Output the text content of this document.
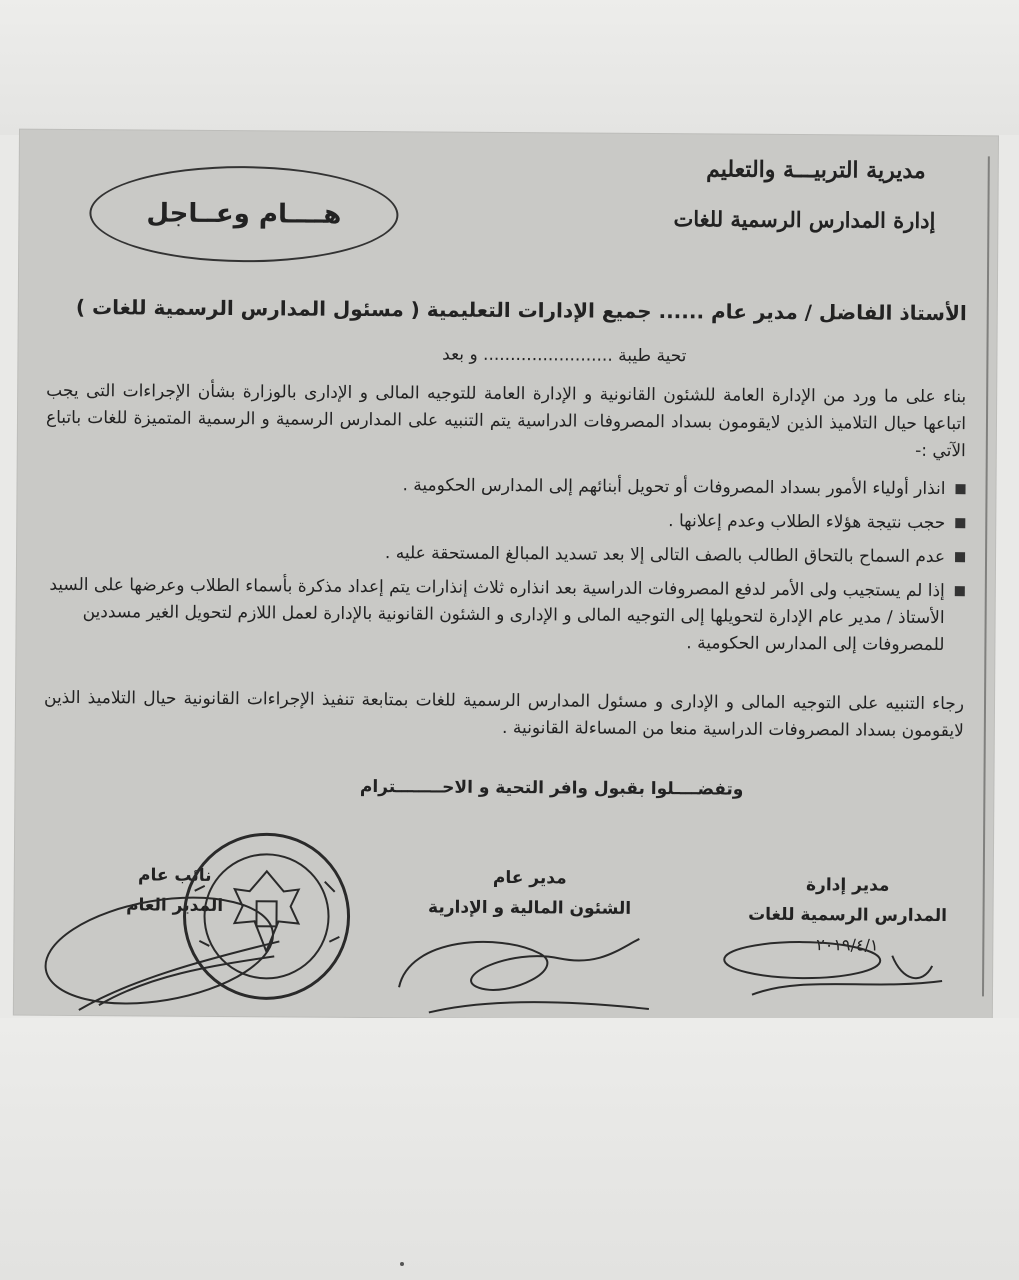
مديرية التربيـــة والتعليم
إدارة المدارس الرسمية للغات
هــــام وعــاجل
الأستاذ الفاضل / مدير عام ...... جميع الإدارات التعليمية ( مسئول المدارس الرسمية للغات )
تحية طيبة ........................ و بعد
بناء على ما ورد من الإدارة العامة للشئون القانونية و الإدارة العامة للتوجيه المالى و الإدارى بالوزارة بشأن الإجراءات التى يجب اتباعها حيال التلاميذ الذين لايقومون بسداد المصروفات الدراسية يتم التنبيه على المدارس الرسمية و الرسمية المتميزة للغات باتباع الآتي :-

انذار أولياء الأمور بسداد المصروفات أو تحويل أبنائهم إلى المدارس الحكومية .

حجب نتيجة هؤلاء الطلاب وعدم إعلانها .

عدم السماح بالتحاق الطالب بالصف التالى إلا بعد تسديد المبالغ المستحقة عليه .

إذا لم يستجيب ولى الأمر لدفع المصروفات الدراسية بعد انذاره ثلاث إنذارات يتم إعداد مذكرة بأسماء الطلاب وعرضها على السيد الأستاذ / مدير عام الإدارة لتحويلها إلى التوجيه المالى و الإدارى و الشئون القانونية بالإدارة لعمل اللازم لتحويل الغير مسددين للمصروفات إلى المدارس الحكومية .

رجاء التنبيه على التوجيه المالى و الإدارى و مسئول المدارس الرسمية للغات بمتابعة تنفيذ الإجراءات القانونية حيال التلاميذ الذين لايقومون بسداد المصروفات الدراسية منعا من المساءلة القانونية .
وتفضــــلوا بقبول وافر التحية و الاحــــــــترام
مدير إدارة
المدارس الرسمية للغات
٢٠١٩/٤/١
مدير عام
الشئون المالية و الإدارية
نائب عام
المدير العام
